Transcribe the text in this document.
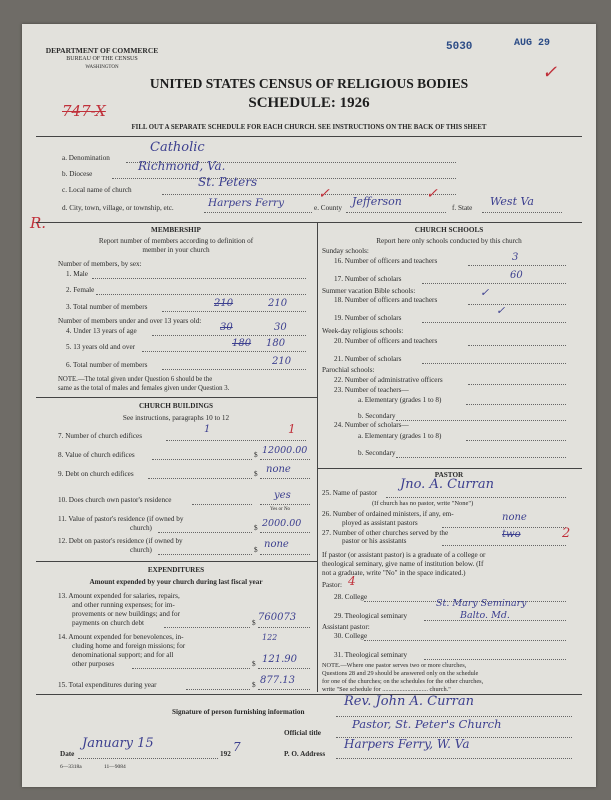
DEPARTMENT OF COMMERCE
BUREAU OF THE CENSUS
WASHINGTON
5030	AUG 29
✓
UNITED STATES CENSUS OF RELIGIOUS BODIES
SCHEDULE: 1926
747-X
FILL OUT A SEPARATE SCHEDULE FOR EACH CHURCH. SEE INSTRUCTIONS ON THE BACK OF THIS SHEET
a. Denomination
Catholic
b. Diocese
Richmond, Va.
c. Local name of church
St. Peters
d. City, town, village, or township, etc.	Harpers Ferry	e. County Jefferson	f. State West Va
✓	✓
R.	MEMBERSHIP
Report number of members according to definition of
member in your church
Number of members, by sex:
1. Male
2. Female
3. Total number of members	210	210
Number of members under and over 13 years old:
4. Under 13 years of age	30	30
5. 13 years old and over	180 180
6. Total number of members	210
NOTE.—The total given under Question 6 should be the
same as the total of males and females given under Question 3.
CHURCH BUILDINGS
See instructions, paragraphs 10 to 12
7. Number of church edifices
1	1
8. Value of church edifices	$ 12000.00
9. Debt on church edifices	$ none
10. Does church own pastor's residence	yes
Yes or No
11. Value of pastor's residence (if owned by
church)	$ 2000.00
12. Debt on pastor's residence (if owned by
church)	$ none
EXPENDITURES
Amount expended by your church during last fiscal year
13. Amount expended for salaries, repairs,
and other running expenses; for im-
provements or new buildings; and for
payments on church debt	$ 760073
14. Amount expended for benevolences, in-
cluding home and foreign missions; for
denominational support; and for all
other purposes
122
$ 121.90
15. Total expenditures during year	$ 877.13
CHURCH SCHOOLS
Report here only schools conducted by this church
Sunday schools:
16. Number of officers and teachers	3
17. Number of scholars	60
Summer vacation Bible schools:
18. Number of officers and teachers
✓
19. Number of scholars
✓
Week-day religious schools:
20. Number of officers and teachers
21. Number of scholars
Parochial schools:
22. Number of administrative officers
23. Number of teachers—
a. Elementary (grades 1 to 8)
b. Secondary
24. Number of scholars—
a. Elementary (grades 1 to 8)
b. Secondary
PASTOR
25. Name of pastor
Jno. A. Curran
(If church has no pastor, write "None")
26. Number of ordained ministers, if any, em-
ployed as assistant pastors	none
27. Number of other churches served by the
pastor or his assistants
two	2
If pastor (or assistant pastor) is a graduate of a college or
theological seminary, give name of institution below. (If
not a graduate, write "No" in the space indicated.)
Pastor: 4
28. College
29. Theological seminary
St. Mary Seminary
Balto. Md.
Assistant pastor:
30. College
31. Theological seminary
NOTE.—Where one pastor serves two or more churches,
Questions 28 and 29 should be answered only on the schedule
for one of the churches; on the schedules for the other churches,
write "See schedule for ............................. church."
Signature of person furnishing information
Rev. John A. Curran
Official title
Pastor, St. Peter's Church
Date
January 15
192 7	P. O. Address
Harpers Ferry, W. Va
6—3318a	11—9084
